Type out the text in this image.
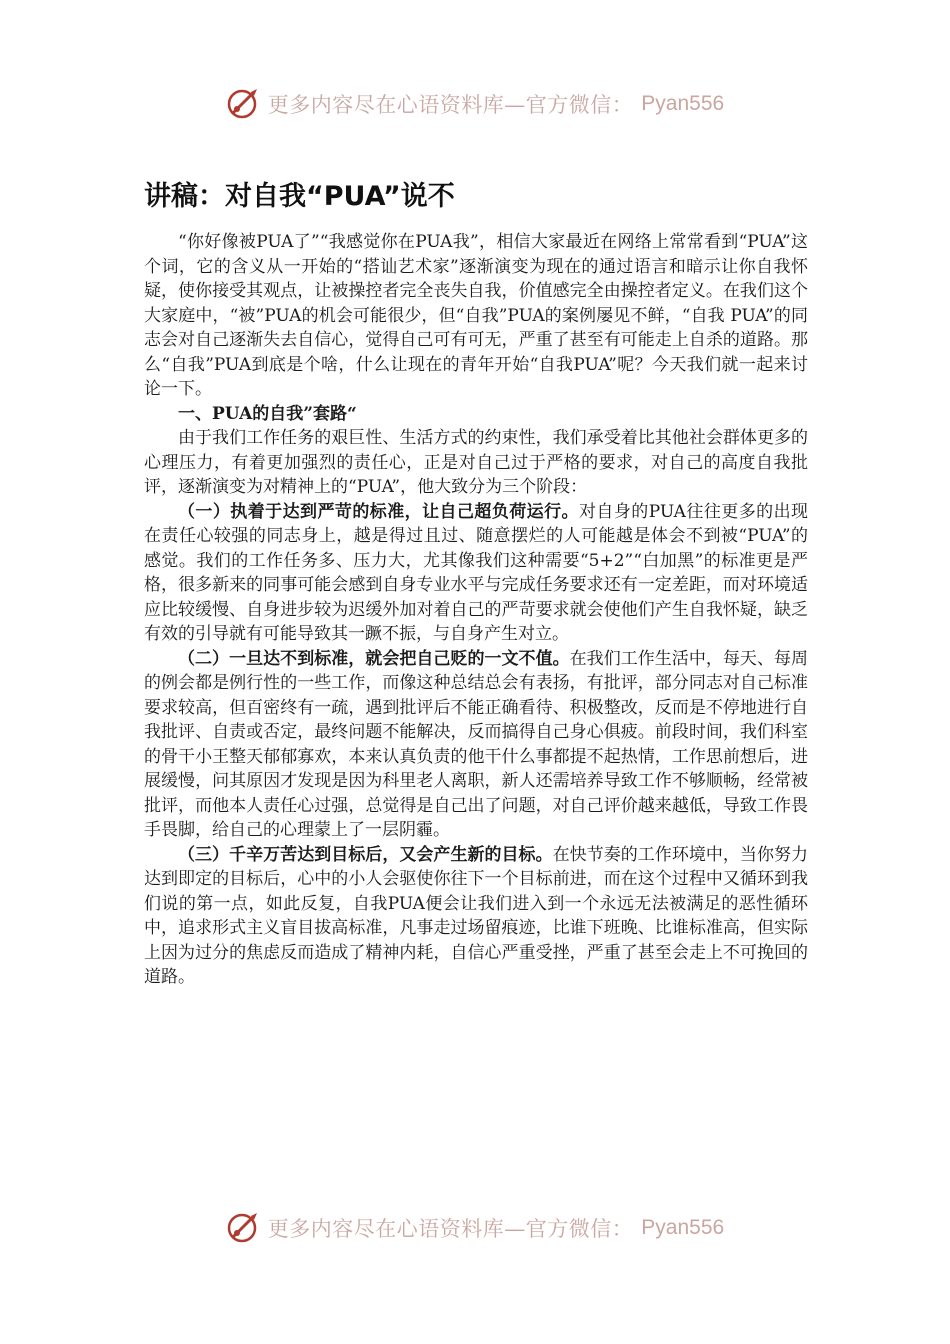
更多内容尽在心语资料库—官方微信： Pyan556
讲稿：对自我“PUA”说不

“你好像被PUA了”“我感觉你在PUA我”，相信大家最近在网络上常常看到“PUA”这个词，它的含义从一开始的“搭讪艺术家”逐渐演变为现在的通过语言和暗示让你自我怀疑，使你接受其观点，让被操控者完全丧失自我，价值感完全由操控者定义。在我们这个大家庭中，“被”PUA的机会可能很少，但“自我”PUA的案例屡见不鲜，“自我 PUA”的同志会对自己逐渐失去自信心，觉得自己可有可无，严重了甚至有可能走上自杀的道路。那么“自我”PUA到底是个啥，什么让现在的青年开始“自我PUA”呢？今天我们就一起来讨论一下。

一、PUA的自我”套路“

由于我们工作任务的艰巨性、生活方式的约束性，我们承受着比其他社会群体更多的心理压力，有着更加强烈的责任心，正是对自己过于严格的要求，对自己的高度自我批评，逐渐演变为对精神上的“PUA”，他大致分为三个阶段：

（一）执着于达到严苛的标准，让自己超负荷运行。对自身的PUA往往更多的出现在责任心较强的同志身上，越是得过且过、随意摆烂的人可能越是体会不到被“PUA”的感觉。我们的工作任务多、压力大，尤其像我们这种需要“5+2”“白加黑”的标准更是严格，很多新来的同事可能会感到自身专业水平与完成任务要求还有一定差距，而对环境适应比较缓慢、自身进步较为迟缓外加对着自己的严苛要求就会使他们产生自我怀疑，缺乏有效的引导就有可能导致其一蹶不振，与自身产生对立。

（二）一旦达不到标准，就会把自己贬的一文不值。在我们工作生活中，每天、每周的例会都是例行性的一些工作，而像这种总结总会有表扬，有批评，部分同志对自己标准要求较高，但百密终有一疏，遇到批评后不能正确看待、积极整改，反而是不停地进行自我批评、自责或否定，最终问题不能解决，反而搞得自己身心俱疲。前段时间，我们科室的骨干小王整天郁郁寡欢，本来认真负责的他干什么事都提不起热情，工作思前想后，进展缓慢，问其原因才发现是因为科里老人离职，新人还需培养导致工作不够顺畅，经常被批评，而他本人责任心过强，总觉得是自己出了问题，对自己评价越来越低，导致工作畏手畏脚，给自己的心理蒙上了一层阴霾。

（三）千辛万苦达到目标后，又会产生新的目标。在快节奏的工作环境中，当你努力达到即定的目标后，心中的小人会驱使你往下一个目标前进，而在这个过程中又循环到我们说的第一点，如此反复，自我PUA便会让我们进入到一个永远无法被满足的恶性循环中，追求形式主义盲目拔高标准，凡事走过场留痕迹，比谁下班晚、比谁标准高，但实际上因为过分的焦虑反而造成了精神内耗，自信心严重受挫，严重了甚至会走上不可挽回的道路。

更多内容尽在心语资料库—官方微信： Pyan556
